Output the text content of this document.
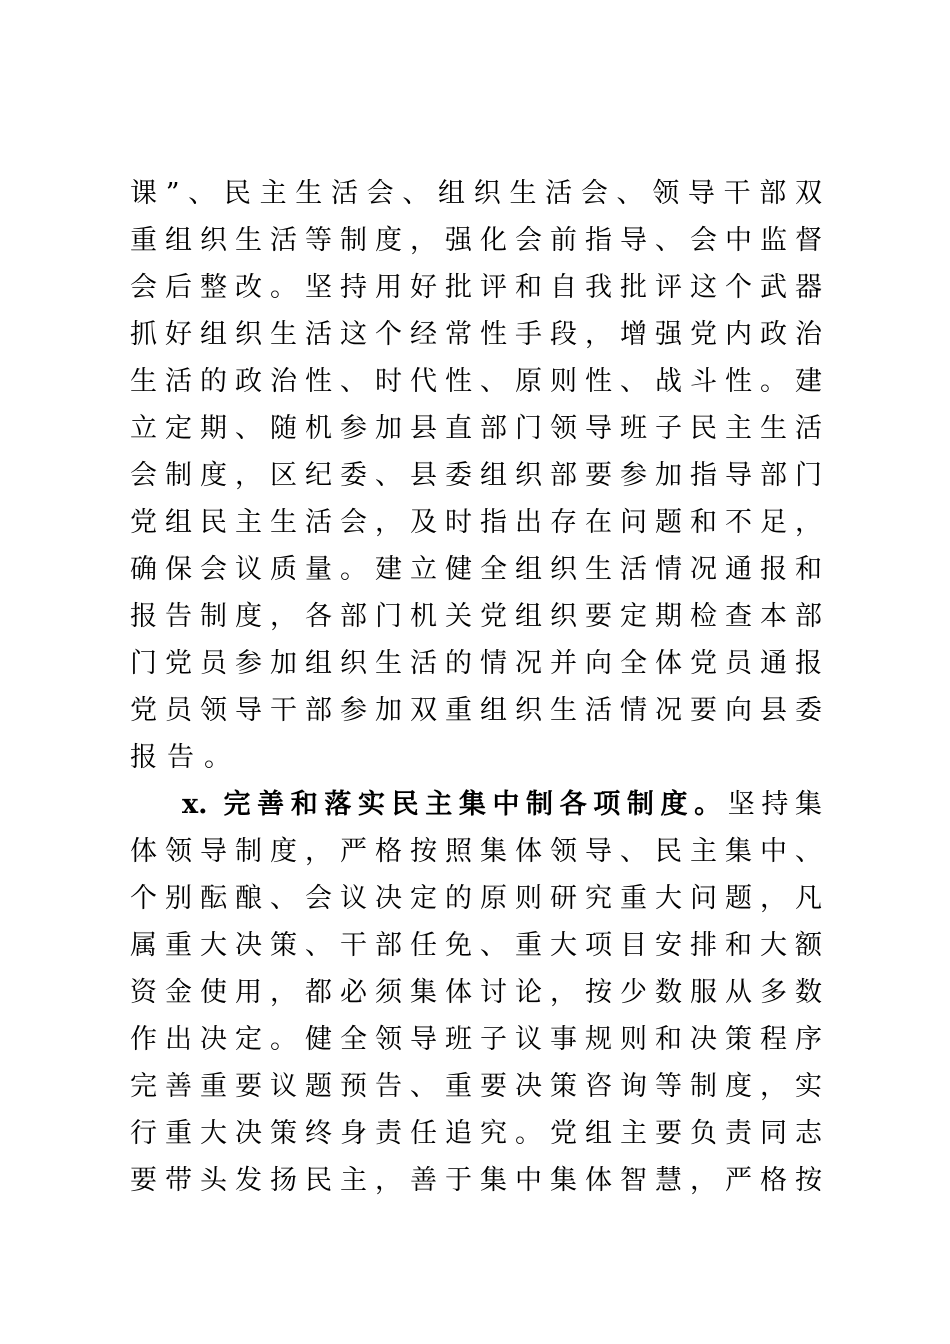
课”、民主生活会、组织生活会、领导干部双
重组织生活等制度，强化会前指导、会中监督
会后整改。坚持用好批评和自我批评这个武器
抓好组织生活这个经常性手段，增强党内政治
生活的政治性、时代性、原则性、战斗性。建
立定期、随机参加县直部门领导班子民主生活
会制度，区纪委、县委组织部要参加指导部门
党组民主生活会，及时指出存在问题和不足，
确保会议质量。建立健全组织生活情况通报和
报告制度，各部门机关党组织要定期检查本部
门党员参加组织生活的情况并向全体党员通报
党员领导干部参加双重组织生活情况要向县委
报告。
x. 完善和落实民主集中制各项制度。坚持集
体领导制度，严格按照集体领导、民主集中、
个别酝酿、会议决定的原则研究重大问题，凡
属重大决策、干部任免、重大项目安排和大额
资金使用，都必须集体讨论，按少数服从多数
作出决定。健全领导班子议事规则和决策程序
完善重要议题预告、重要决策咨询等制度，实
行重大决策终身责任追究。党组主要负责同志
要带头发扬民主，善于集中集体智慧，严格按
